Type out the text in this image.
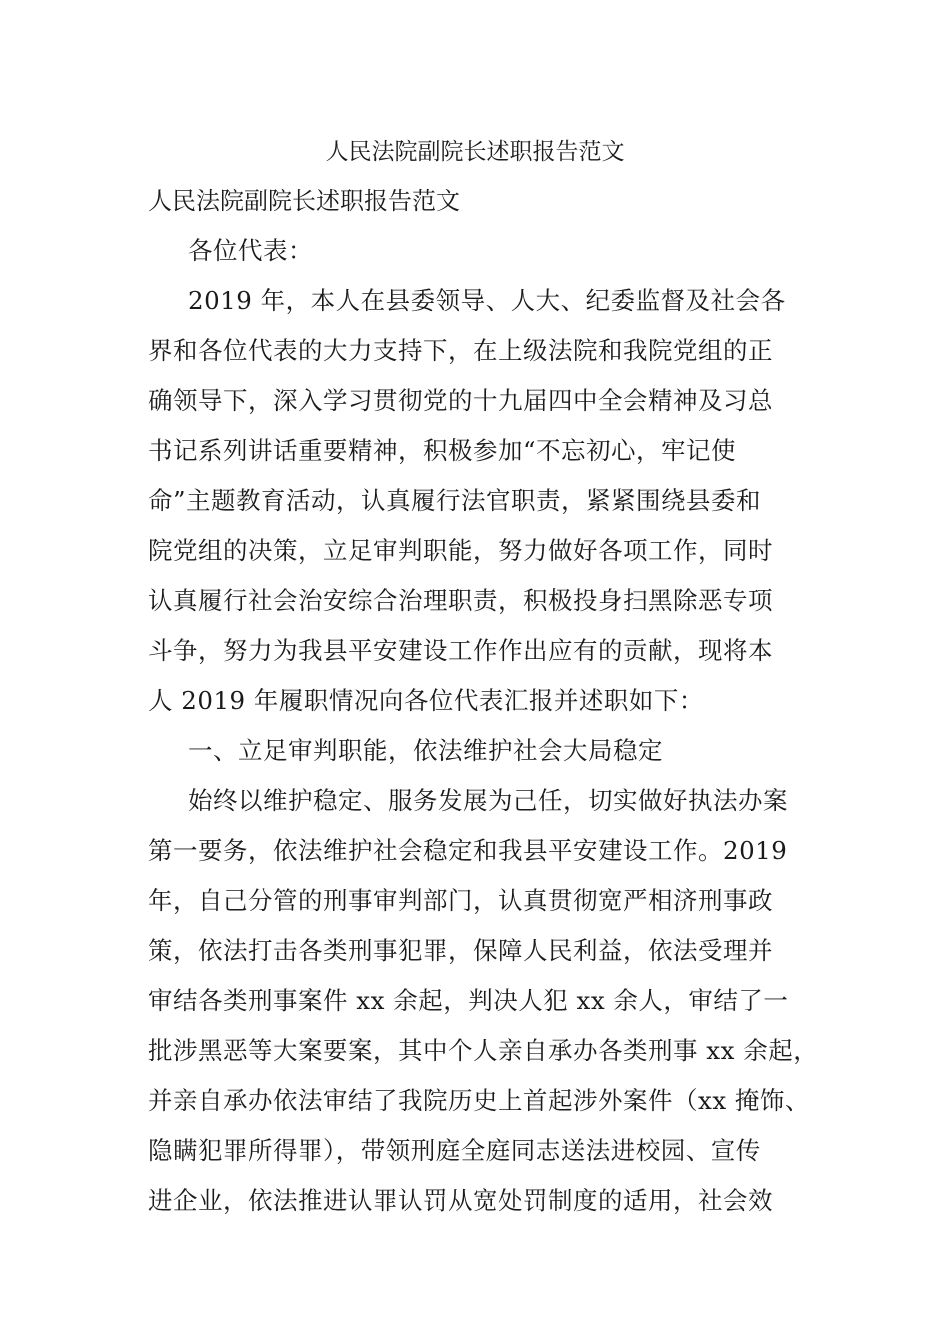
人民法院副院长述职报告范文
人民法院副院长述职报告范文
各位代表：
2019 年，本人在县委领导、人大、纪委监督及社会各
界和各位代表的大力支持下，在上级法院和我院党组的正
确领导下，深入学习贯彻党的十九届四中全会精神及习总
书记系列讲话重要精神，积极参加“不忘初心，牢记使
命”主题教育活动，认真履行法官职责，紧紧围绕县委和
院党组的决策，立足审判职能，努力做好各项工作，同时
认真履行社会治安综合治理职责，积极投身扫黑除恶专项
斗争，努力为我县平安建设工作作出应有的贡献，现将本
人 2019 年履职情况向各位代表汇报并述职如下：
一、立足审判职能，依法维护社会大局稳定
始终以维护稳定、服务发展为己任，切实做好执法办案
第一要务，依法维护社会稳定和我县平安建设工作。2019
年，自己分管的刑事审判部门，认真贯彻宽严相济刑事政
策，依法打击各类刑事犯罪，保障人民利益，依法受理并
审结各类刑事案件 xx 余起，判决人犯 xx 余人，审结了一
批涉黑恶等大案要案，其中个人亲自承办各类刑事 xx 余起，
并亲自承办依法审结了我院历史上首起涉外案件（xx 掩饰、
隐瞒犯罪所得罪），带领刑庭全庭同志送法进校园、宣传
进企业，依法推进认罪认罚从宽处罚制度的适用，社会效
